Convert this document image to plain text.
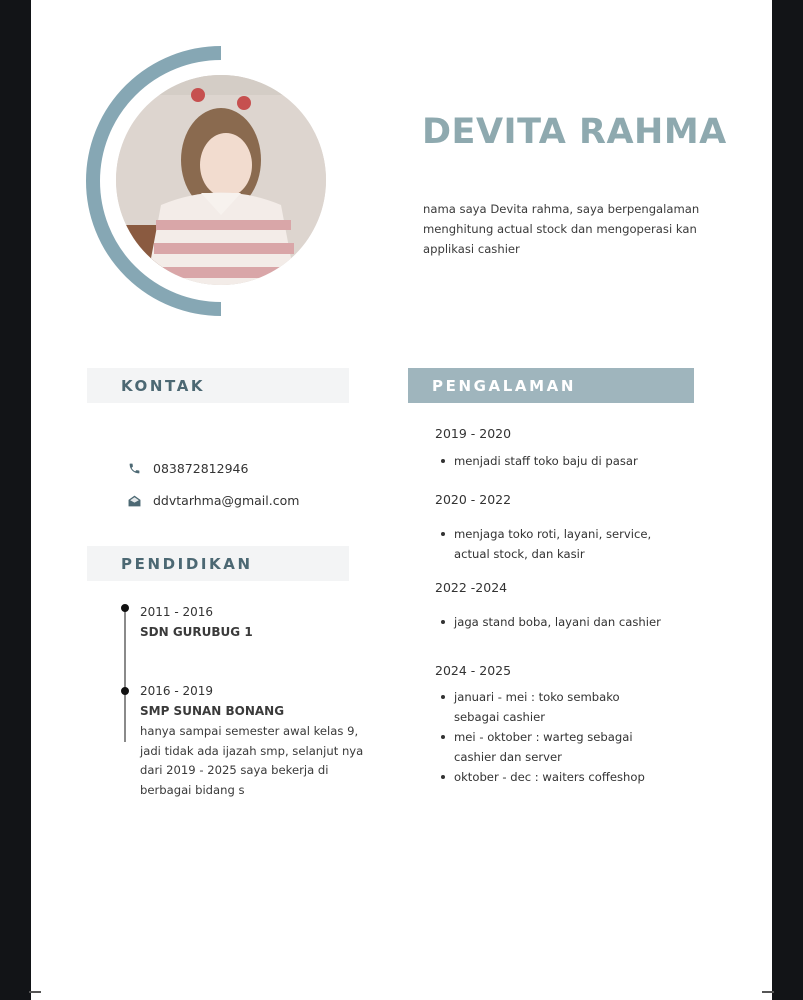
DEVITA RAHMA
nama saya Devita rahma, saya berpengalaman menghitung actual stock dan mengoperasi kan applikasi cashier
KONTAK
083872812946
ddvtarhma@gmail.com
PENDIDIKAN
2011 - 2016
SDN GURUBUG 1
2016 - 2019
SMP SUNAN BONANG
hanya sampai semester awal kelas 9, jadi tidak ada ijazah smp, selanjut nya dari 2019 - 2025 saya bekerja di berbagai bidang s
PENGALAMAN
2019 - 2020
menjadi staff toko baju di pasar
2020 - 2022
menjaga toko roti, layani, service, actual stock, dan kasir
2022 -2024
jaga stand boba, layani dan cashier
2024 - 2025
januari - mei : toko sembako sebagai cashier
mei - oktober : warteg sebagai cashier dan server
oktober - dec : waiters coffeshop
